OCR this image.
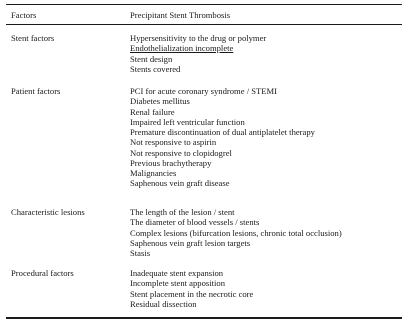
Factors	Precipitant Stent Thrombosis
Stent factors	Hypersensitivity to the drug or polymer
Endothelialization incomplete
Stent design
Stents covered
Patient factors	PCI for acute coronary syndrome / STEMI
Diabetes mellitus
Renal failure
Impaired left ventricular function
Premature discontinuation of dual antiplatelet therapy
Not responsive to aspirin
Not responsive to clopidogrel
Previous brachytherapy
Malignancies
Saphenous vein graft disease
Characteristic lesions	The length of the lesion / stent
The diameter of blood vessels / stents
Complex lesions (bifurcation lesions, chronic total occlusion)
Saphenous vein graft lesion targets
Stasis
Procedural factors	Inadequate stent expansion
Incomplete stent apposition
Stent placement in the necrotic core
Residual dissection
